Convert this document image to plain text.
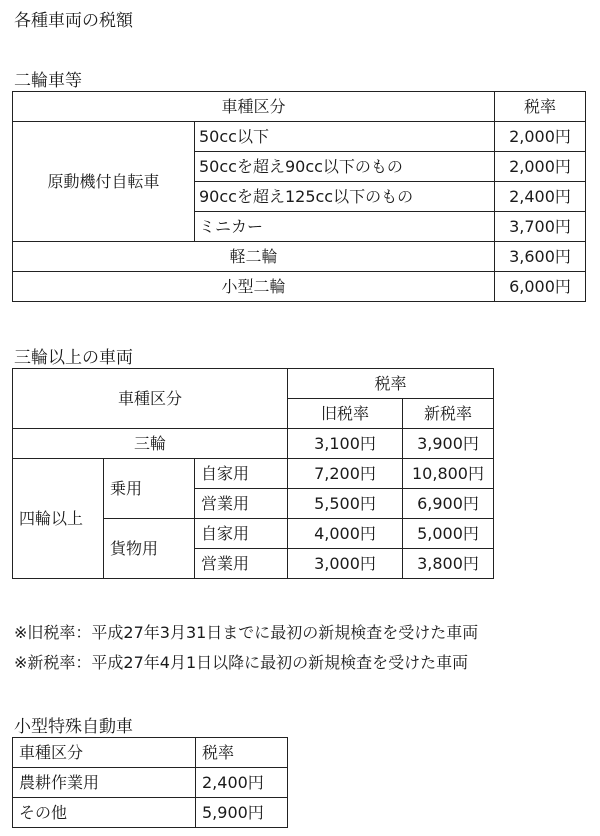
各種車両の税額
二輪車等
車種区分		税率
原動機付自転車	50cc以下	2,000円
	50ccを超え90cc以下のもの	2,000円
	90ccを超え125cc以下のもの	2,400円
	ミニカー	3,700円
軽二輪		3,600円
小型二輪		6,000円
三輪以上の車両
車種区分			税率	
			旧税率	新税率
三輪			3,100円	3,900円
四輪以上	乗用	自家用	7,200円	10,800円
		営業用	5,500円	6,900円
	貨物用	自家用	4,000円	5,000円
		営業用	3,000円	3,800円
※旧税率：平成27年3月31日までに最初の新規検査を受けた車両
※新税率：平成27年4月1日以降に最初の新規検査を受けた車両
小型特殊自動車
車種区分	税率
農耕作業用	2,400円
その他	5,900円
